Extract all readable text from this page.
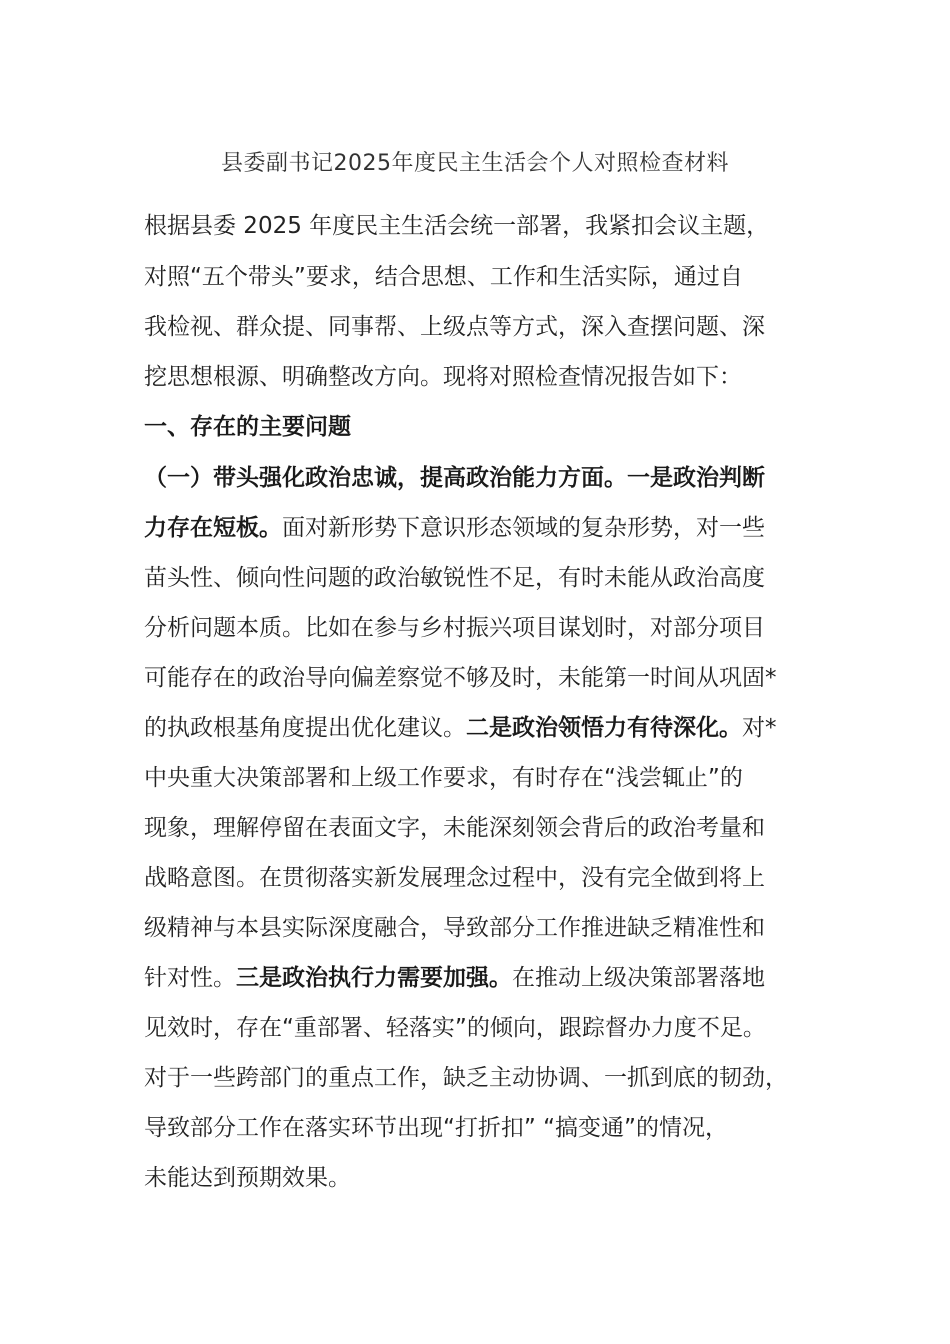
县委副书记2025年度民主生活会个人对照检查材料
根据县委 2025 年度民主生活会统一部署，我紧扣会议主题，
对照“五个带头”要求，结合思想、工作和生活实际，通过自
我检视、群众提、同事帮、上级点等方式，深入查摆问题、深
挖思想根源、明确整改方向。现将对照检查情况报告如下：
一、存在的主要问题
（一）带头强化政治忠诚，提高政治能力方面。一是政治判断
力存在短板。面对新形势下意识形态领域的复杂形势，对一些
苗头性、倾向性问题的政治敏锐性不足，有时未能从政治高度
分析问题本质。比如在参与乡村振兴项目谋划时，对部分项目
可能存在的政治导向偏差察觉不够及时，未能第一时间从巩固*
的执政根基角度提出优化建议。二是政治领悟力有待深化。对*
中央重大决策部署和上级工作要求，有时存在“浅尝辄止”的
现象，理解停留在表面文字，未能深刻领会背后的政治考量和
战略意图。在贯彻落实新发展理念过程中，没有完全做到将上
级精神与本县实际深度融合，导致部分工作推进缺乏精准性和
针对性。三是政治执行力需要加强。在推动上级决策部署落地
见效时，存在“重部署、轻落实”的倾向，跟踪督办力度不足。
对于一些跨部门的重点工作，缺乏主动协调、一抓到底的韧劲，
导致部分工作在落实环节出现“打折扣” “搞变通”的情况，
未能达到预期效果。
